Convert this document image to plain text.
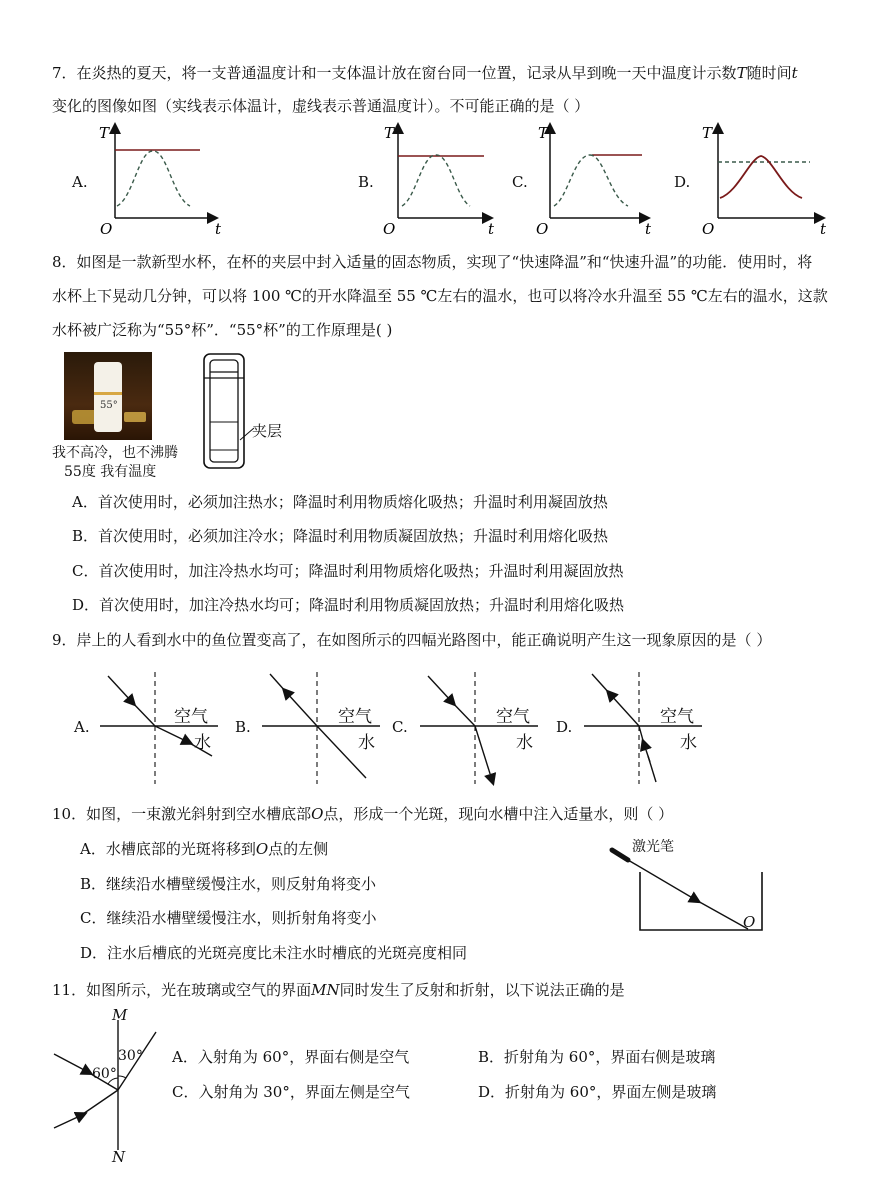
7．在炎热的夏天，将一支普通温度计和一支体温计放在窗台同一位置，记录从早到晚一天中温度计示数T随时间t
变化的图像如图（实线表示体温计，虚线表示普通温度计）。不可能正确的是（ ）
A.	B.	C.	D.
T
t
O
T
t
O
T
t
O
T
t
O
8．如图是一款新型水杯，在杯的夹层中封入适量的固态物质，实现了“快速降温”和“快速升温”的功能．使用时，将
水杯上下晃动几分钟，可以将 100 ℃的开水降温至 55 ℃左右的温水，也可以将冷水升温至 55 ℃左右的温水，这款
水杯被广泛称为“55°杯”．“55°杯”的工作原理是( )
55°
我不高冷，也不沸腾
55度 我有温度
夹层
A．首次使用时，必须加注热水；降温时利用物质熔化吸热；升温时利用凝固放热
B．首次使用时，必须加注冷水；降温时利用物质凝固放热；升温时利用熔化吸热
C．首次使用时，加注冷热水均可；降温时利用物质熔化吸热；升温时利用凝固放热
D．首次使用时，加注冷热水均可；降温时利用物质凝固放热；升温时利用熔化吸热
9．岸上的人看到水中的鱼位置变高了，在如图所示的四幅光路图中，能正确说明产生这一现象原因的是（ ）
A.	B.	C.	D.
空气
水
空气
水
空气
水
空气
水
10．如图，一束激光斜射到空水槽底部O点，形成一个光斑，现向水槽中注入适量水，则（ ）
A．水槽底部的光斑将移到O点的左侧
B．继续沿水槽壁缓慢注水，则反射角将变小
C．继续沿水槽壁缓慢注水，则折射角将变小
D．注水后槽底的光斑亮度比未注水时槽底的光斑亮度相同
激光笔
O
11．如图所示，光在玻璃或空气的界面MN同时发生了反射和折射，以下说法正确的是
M
N
30°
60°
A．入射角为 60°，界面右侧是空气	B．折射角为 60°，界面右侧是玻璃
C．入射角为 30°，界面左侧是空气	D．折射角为 60°，界面左侧是玻璃
